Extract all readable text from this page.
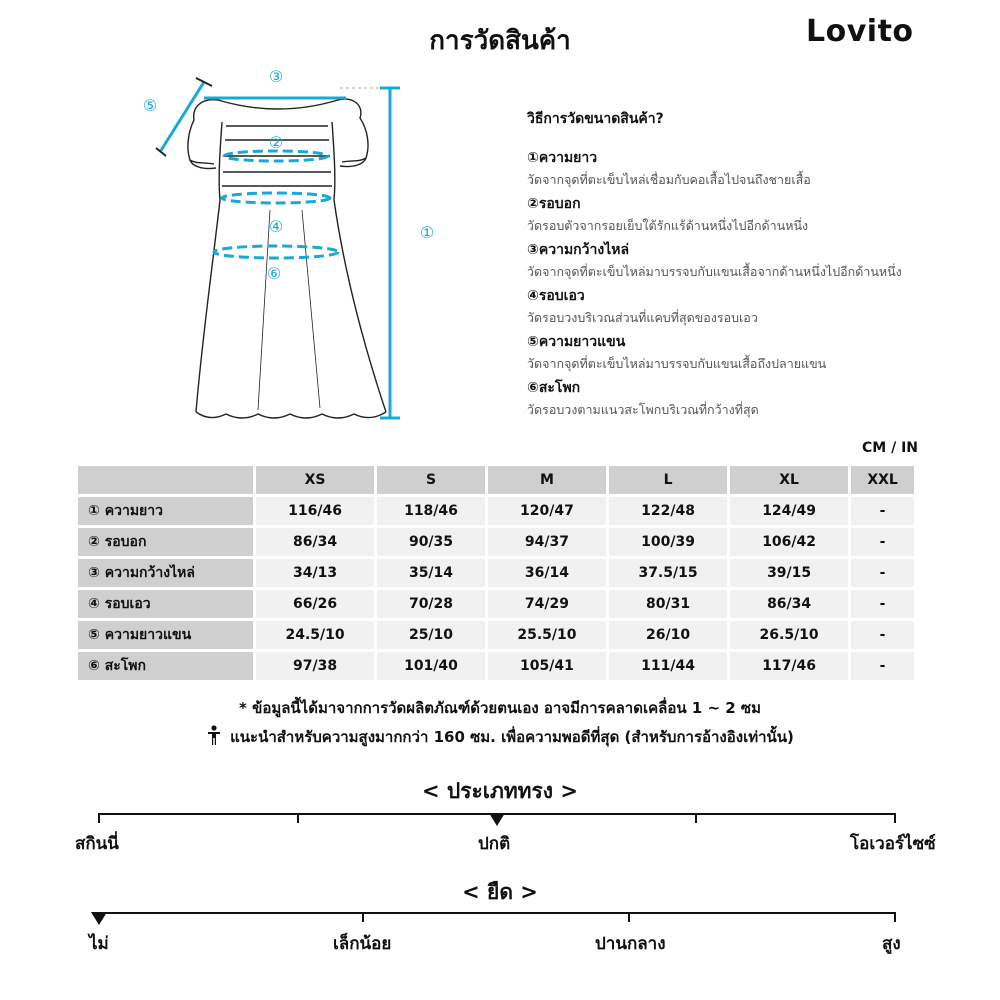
การวัดสินค้า	Lovito
①
②
③
④
⑤
⑥
วิธีการวัดขนาดสินค้า?
①ความยาว
วัดจากจุดที่ตะเข็บไหล่เชื่อมกับคอเสื้อไปจนถึงชายเสื้อ
②รอบอก
วัดรอบตัวจากรอยเย็บใต้รักแร้ด้านหนึ่งไปอีกด้านหนึ่ง
③ความกว้างไหล่
วัดจากจุดที่ตะเข็บไหล่มาบรรจบกับแขนเสื้อจากด้านหนึ่งไปอีกด้านหนึ่ง
④รอบเอว
วัดรอบวงบริเวณส่วนที่แคบที่สุดของรอบเอว
⑤ความยาวแขน
วัดจากจุดที่ตะเข็บไหล่มาบรรจบกับแขนเสื้อถึงปลายแขน
⑥สะโพก
วัดรอบวงตามแนวสะโพกบริเวณที่กว้างที่สุด
CM / IN
	XS	S	M	L	XL	XXL
① ความยาว	116/46	118/46	120/47	122/48	124/49	-
② รอบอก	86/34	90/35	94/37	100/39	106/42	-
③ ความกว้างไหล่	34/13	35/14	36/14	37.5/15	39/15	-
④ รอบเอว	66/26	70/28	74/29	80/31	86/34	-
⑤ ความยาวแขน	24.5/10	25/10	25.5/10	26/10	26.5/10	-
⑥ สะโพก	97/38	101/40	105/41	111/44	117/46	-
* ข้อมูลนี้ได้มาจากการวัดผลิตภัณฑ์ด้วยตนเอง อาจมีการคลาดเคลื่อน 1 ~ 2 ซม
แนะนำสำหรับความสูงมากกว่า 160 ซม. เพื่อความพอดีที่สุด (สำหรับการอ้างอิงเท่านั้น)
< ประเภททรง >
สกินนี่	ปกติ	โอเวอร์ไซซ์
< ยืด >
ไม่	เล็กน้อย	ปานกลาง	สูง
